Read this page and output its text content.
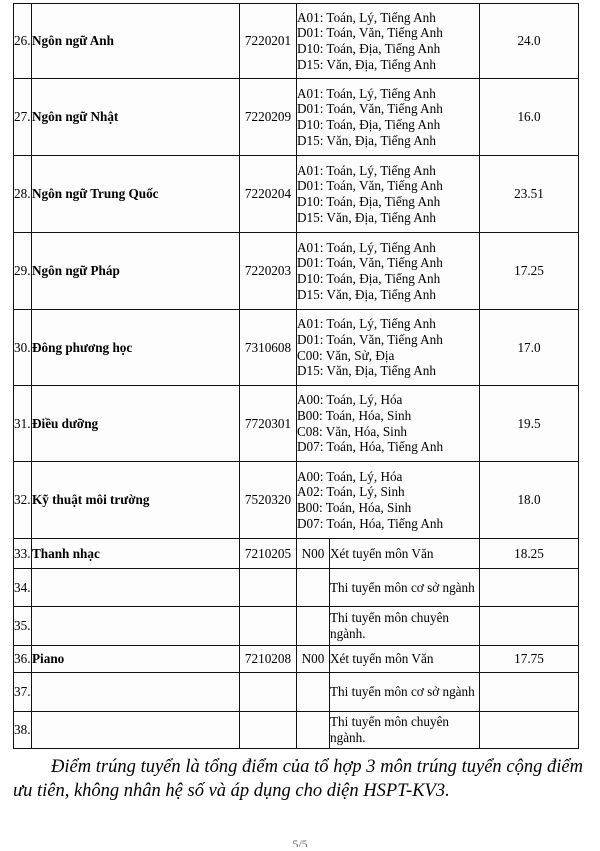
26.	Ngôn ngữ Anh	7220201	A01: Toán, Lý, Tiếng Anh
D01: Toán, Văn, Tiếng Anh
D10: Toán, Địa, Tiếng Anh
D15: Văn, Địa, Tiếng Anh		24.0
27.	Ngôn ngữ Nhật	7220209	A01: Toán, Lý, Tiếng Anh
D01: Toán, Văn, Tiếng Anh
D10: Toán, Địa, Tiếng Anh
D15: Văn, Địa, Tiếng Anh		16.0
28.	Ngôn ngữ Trung Quốc	7220204	A01: Toán, Lý, Tiếng Anh
D01: Toán, Văn, Tiếng Anh
D10: Toán, Địa, Tiếng Anh
D15: Văn, Địa, Tiếng Anh		23.51
29.	Ngôn ngữ Pháp	7220203	A01: Toán, Lý, Tiếng Anh
D01: Toán, Văn, Tiếng Anh
D10: Toán, Địa, Tiếng Anh
D15: Văn, Địa, Tiếng Anh		17.25
30.	Đông phương học	7310608	A01: Toán, Lý, Tiếng Anh
D01: Toán, Văn, Tiếng Anh
C00: Văn, Sử, Địa
D15: Văn, Địa, Tiếng Anh		17.0
31.	Điều dưỡng	7720301	A00: Toán, Lý, Hóa
B00: Toán, Hóa, Sinh
C08: Văn, Hóa, Sinh
D07: Toán, Hóa, Tiếng Anh		19.5
32.	Kỹ thuật môi trường	7520320	A00: Toán, Lý, Hóa
A02: Toán, Lý, Sinh
B00: Toán, Hóa, Sinh
D07: Toán, Hóa, Tiếng Anh		18.0
33.	Thanh nhạc	7210205	N00	Xét tuyển môn Văn	18.25
34.				Thi tuyển môn cơ sở ngành	

35.				Thi tuyển môn chuyên ngành.	

36.	Piano	7210208	N00	Xét tuyển môn Văn	17.75
37.				Thi tuyển môn cơ sở ngành	

38.				Thi tuyển môn chuyên ngành.	

Điểm trúng tuyển là tổng điểm của tổ hợp 3 môn trúng tuyển cộng điểm ưu tiên, không nhân hệ số và áp dụng cho diện HSPT-KV3.
5/5
